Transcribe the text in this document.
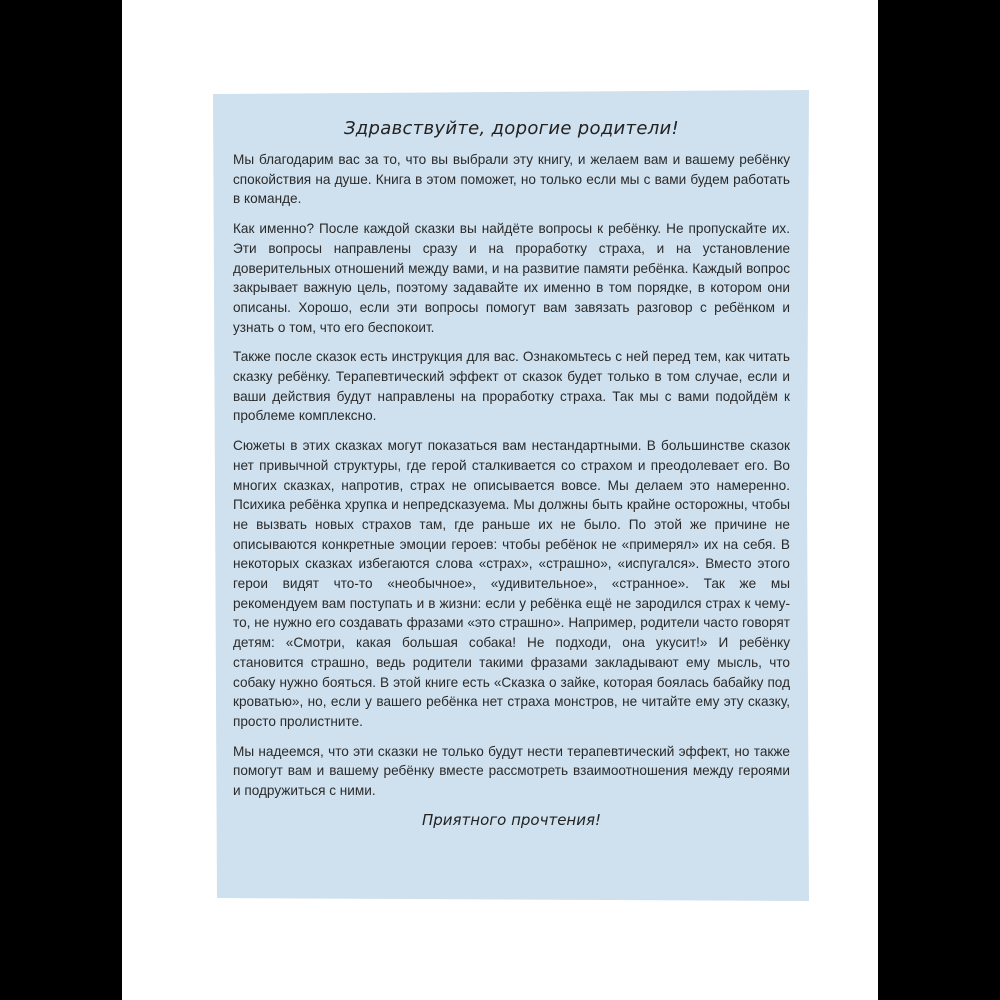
Здравствуйте, дорогие родители!

Мы благодарим вас за то, что вы выбрали эту книгу, и желаем вам и вашему ребёнку спокойствия на душе. Книга в этом поможет, но только если мы с вами будем работать в команде.

Как именно? После каждой сказки вы найдёте вопросы к ребёнку. Не пропускайте их. Эти вопросы направлены сразу и на проработку страха, и на установление доверительных отношений между вами, и на развитие памяти ребёнка. Каждый вопрос закрывает важную цель, поэтому задавайте их именно в том порядке, в котором они описаны. Хорошо, если эти вопросы помогут вам завязать разговор с ребёнком и узнать о том, что его беспокоит.

Также после сказок есть инструкция для вас. Ознакомьтесь с ней перед тем, как читать сказку ребёнку. Терапевтический эффект от сказок будет только в том случае, если и ваши действия будут направлены на проработку страха. Так мы с вами подойдём к проблеме комплексно.

Сюжеты в этих сказках могут показаться вам нестандартными. В большинстве сказок нет привычной структуры, где герой сталкивается со страхом и преодолевает его. Во многих сказках, напротив, страх не описывается вовсе. Мы делаем это намеренно. Психика ребёнка хрупка и непредсказуема. Мы должны быть крайне осторожны, чтобы не вызвать новых страхов там, где раньше их не было. По этой же причине не описываются конкретные эмоции героев: чтобы ребёнок не «примерял» их на себя. В некоторых сказках избегаются слова «страх», «страшно», «испугался». Вместо этого герои видят что-то «необычное», «удивительное», «странное». Так же мы рекомендуем вам поступать и в жизни: если у ребёнка ещё не зародился страх к чему-то, не нужно его создавать фразами «это страшно». Например, родители часто говорят детям: «Смотри, какая большая собака! Не подходи, она укусит!» И ребёнку становится страшно, ведь родители такими фразами закладывают ему мысль, что собаку нужно бояться. В этой книге есть «Сказка о зайке, которая боялась бабайку под кроватью», но, если у вашего ребёнка нет страха монстров, не читайте ему эту сказку, просто пролистните.

Мы надеемся, что эти сказки не только будут нести терапевтический эффект, но также помогут вам и вашему ребёнку вместе рассмотреть взаимоотношения между героями и подружиться с ними.

Приятного прочтения!
